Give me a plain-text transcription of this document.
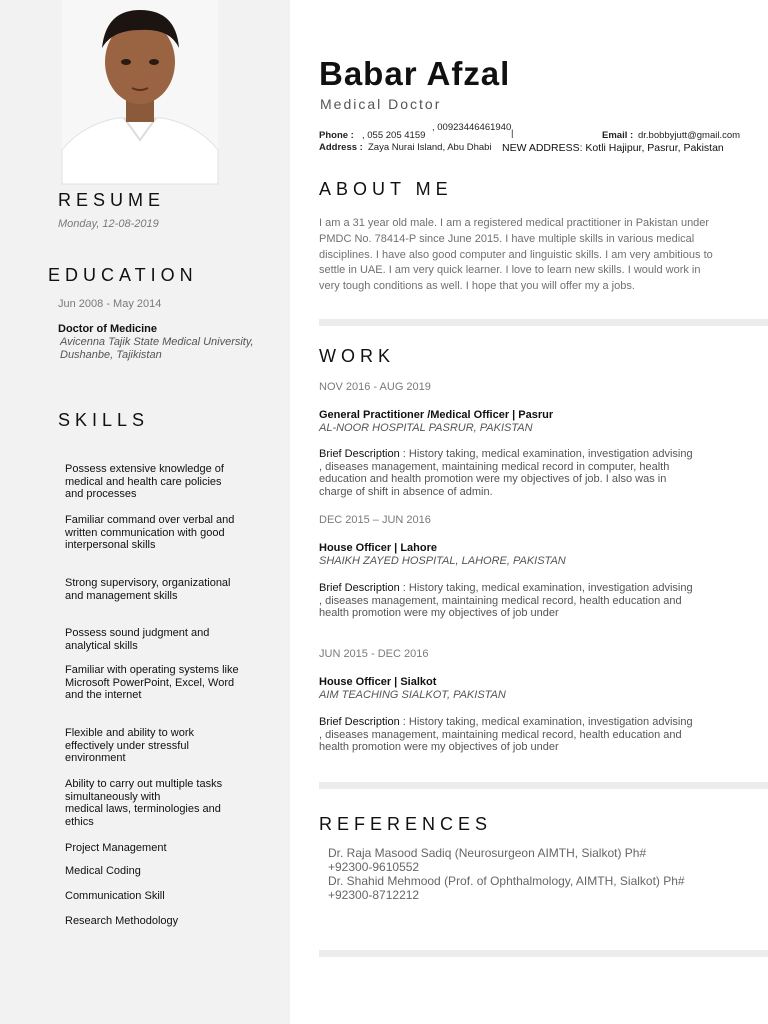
RESUME
Monday, 12-08-2019
EDUCATION
Jun 2008 - May 2014
Doctor of Medicine
Avicenna Tajik State Medical University, Dushanbe, Tajikistan
SKILLS
Possess extensive knowledge of medical and health care policies and processes
Familiar command over verbal and written communication with good interpersonal skills
Strong supervisory, organizational and management skills
Possess sound judgment and analytical skills
Familiar with operating systems like Microsoft PowerPoint, Excel, Word and the internet
Flexible and ability to work effectively under stressful environment
Ability to carry out multiple tasks simultaneously with
medical laws, terminologies and ethics
Project Management
Medical Coding
Communication Skill
Research Methodology
Babar Afzal
Medical Doctor
Phone : , 055 205 4159
, 00923446461940
|	Email : dr.bobbyjutt@gmail.com
Address : Zaya Nurai Island, Abu Dhabi NEW ADDRESS: Kotli Hajipur, Pasrur, Pakistan
ABOUT ME
I am a 31 year old male. I am a registered medical practitioner in Pakistan under PMDC No. 78414-P since June 2015. I have multiple skills in various medical disciplines. I have also good computer and linguistic skills. I am very ambitious to settle in UAE. I am very quick learner. I love to learn new skills. I would work in very tough conditions as well. I hope that you will offer my a jobs.
WORK
NOV 2016 - AUG 2019
General Practitioner /Medical Officer | Pasrur
AL-NOOR HOSPITAL PASRUR, PAKISTAN
Brief Description : History taking, medical examination, investigation advising , diseases management, maintaining medical record in computer, health education and health promotion were my objectives of job. I also was in charge of shift in absence of admin.
DEC 2015 – JUN 2016
House Officer | Lahore
SHAIKH ZAYED HOSPITAL, LAHORE, PAKISTAN
Brief Description : History taking, medical examination, investigation advising , diseases management, maintaining medical record, health education and health promotion were my objectives of job under
JUN 2015 - DEC 2016
House Officer | Sialkot
AIM TEACHING SIALKOT, PAKISTAN
Brief Description : History taking, medical examination, investigation advising , diseases management, maintaining medical record, health education and health promotion were my objectives of job under
REFERENCES
Dr. Raja Masood Sadiq (Neurosurgeon AIMTH, Sialkot) Ph# +92300-9610552
Dr. Shahid Mehmood (Prof. of Ophthalmology, AIMTH, Sialkot) Ph# +92300-8712212
